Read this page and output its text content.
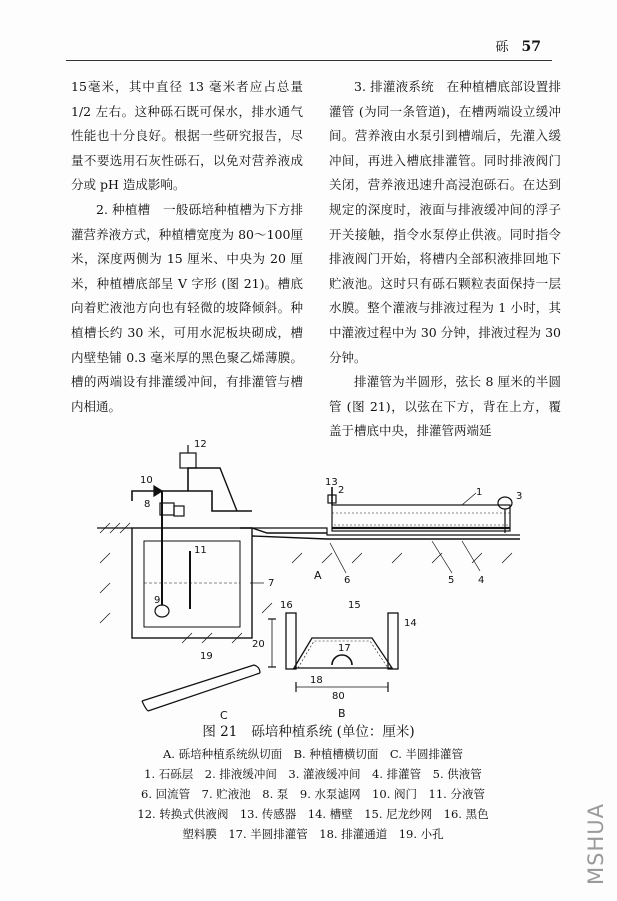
砾 57

15毫米，其中直径 13 毫米者应占总量 1/2 左右。这种砾石既可保水，排水通气性能也十分良好。根据一些研究报告，尽量不要选用石灰性砾石，以免对营养液成分或 pH 造成影响。

2. 种植槽　一般砾培种植槽为下方排灌营养液方式，种植槽宽度为 80～100厘米，深度两侧为 15 厘米、中央为 20 厘米，种植槽底部呈 V 字形 (图 21)。槽底向着贮液池方向也有轻微的坡降倾斜。种植槽长约 30 米，可用水泥板块砌成，槽内壁垫铺 0.3 毫米厚的黑色聚乙烯薄膜。槽的两端设有排灌缓冲间，有排灌管与槽内相通。

3. 排灌液系统　在种植槽底部设置排灌管 (为同一条管道)，在槽两端设立缓冲间。营养液由水泵引到槽端后，先灌入缓冲间，再进入槽底排灌管。同时排液阀门关闭，营养液迅速升高浸泡砾石。在达到规定的深度时，液面与排液缓冲间的浮子开关接触，指令水泵停止供液。同时指令排液阀门开始，将槽内全部积液排回地下贮液池。这时只有砾石颗粒表面保持一层水膜。整个灌液与排液过程为 1 小时，其中灌液过程中为 30 分钟，排液过程为 30 分钟。

排灌管为半圆形，弦长 8 厘米的半圆管 (图 21)，以弦在下方，背在上方，覆盖于槽底中央，排灌管两端延

12
10
8
11
9
7
13
2	1	3
4
5
6
A
15
16
14
17
18
20
80
B
19
C
图 21 砾培种植系统 (单位：厘米)
A. 砾培种植系统纵切面　B. 种植槽横切面　C. 半圆排灌管
1. 石砾层　2. 排液缓冲间　3. 灌液缓冲间　4. 排灌管　5. 供液管
6. 回流管　7. 贮液池　8. 泵　9. 水泵滤网　10. 阀门　11. 分液管
12. 转换式供液阀　13. 传感器　14. 槽壁　15. 尼龙纱网　16. 黑色
塑料膜　17. 半圆排灌管　18. 排灌通道　19. 小孔	MSHUA
